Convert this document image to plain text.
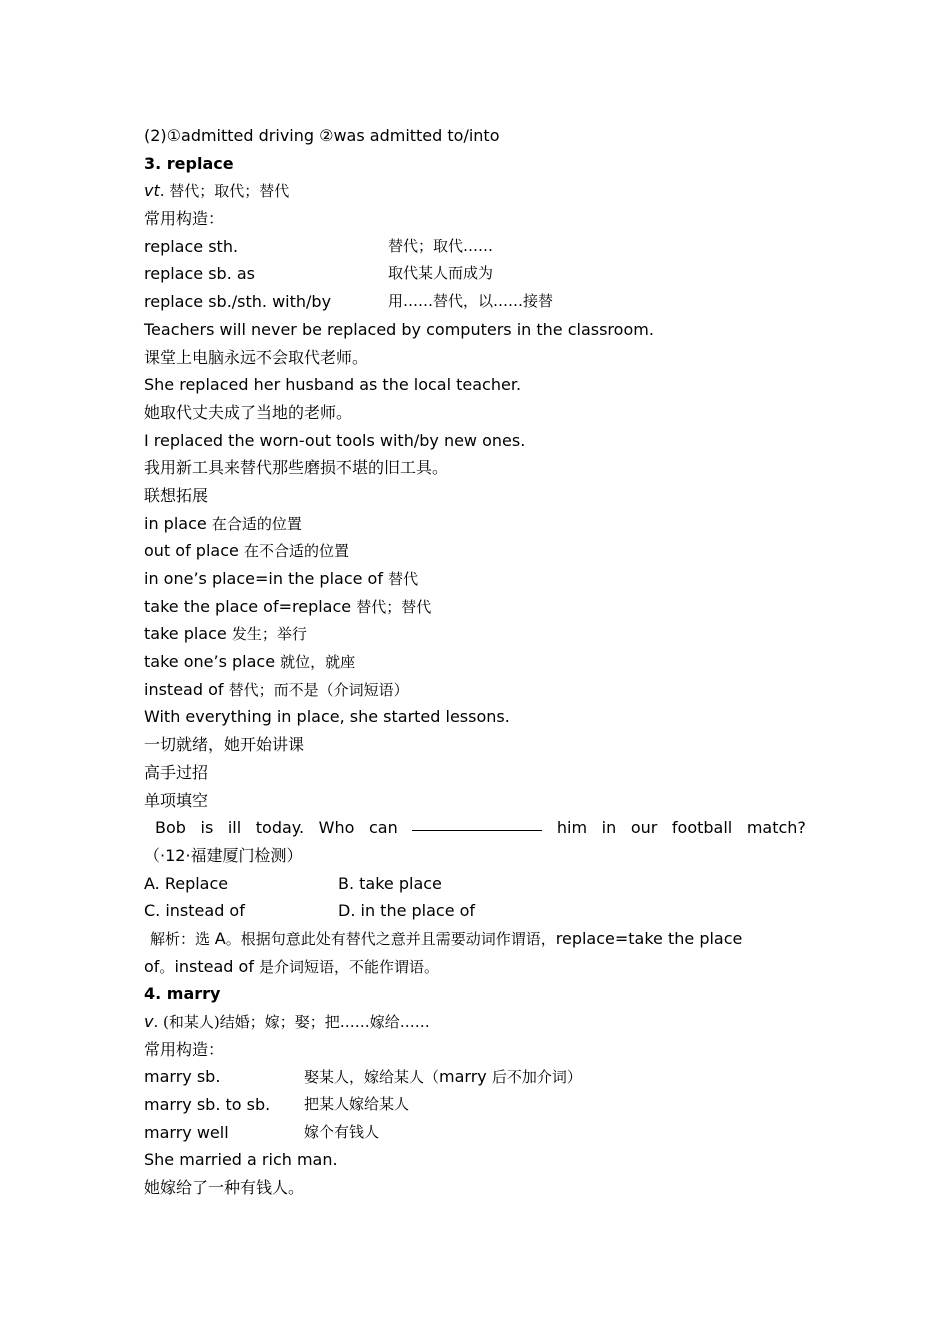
(2)①admitted driving ②was admitted to/into
3. replace
vt. 替代；取代；替代
常用构造：
replace sth.	替代；取代……
replace sb. as	取代某人而成为
replace sb./sth. with/by	用……替代，以……接替
Teachers will never be replaced by computers in the classroom.
课堂上电脑永远不会取代老师。
She replaced her husband as the local teacher.
她取代丈夫成了当地的老师。
I replaced the worn-out tools with/by new ones.
我用新工具来替代那些磨损不堪的旧工具。
联想拓展
in place 在合适的位置
out of place 在不合适的位置
in one’s place=in the place of 替代
take the place of=replace 替代；替代
take place 发生；举行
take one’s place 就位，就座
instead of 替代；而不是（介词短语）
With everything in place, she started lessons.
一切就绪，她开始讲课
高手过招
单项填空
Bob is ill today. Who can	him in our football match?
（·12·福建厦门检测）
A. Replace	B. take place
C. instead of	D. in the place of
解析：选 A。根据句意此处有替代之意并且需要动词作谓语，replace=take the place
of。instead of 是介词短语，不能作谓语。
4. marry
v. (和某人)结婚；嫁；娶；把……嫁给……
常用构造：
marry sb.	娶某人，嫁给某人（marry 后不加介词）
marry sb. to sb.	把某人嫁给某人
marry well	嫁个有钱人
She married a rich man.
她嫁给了一种有钱人。
